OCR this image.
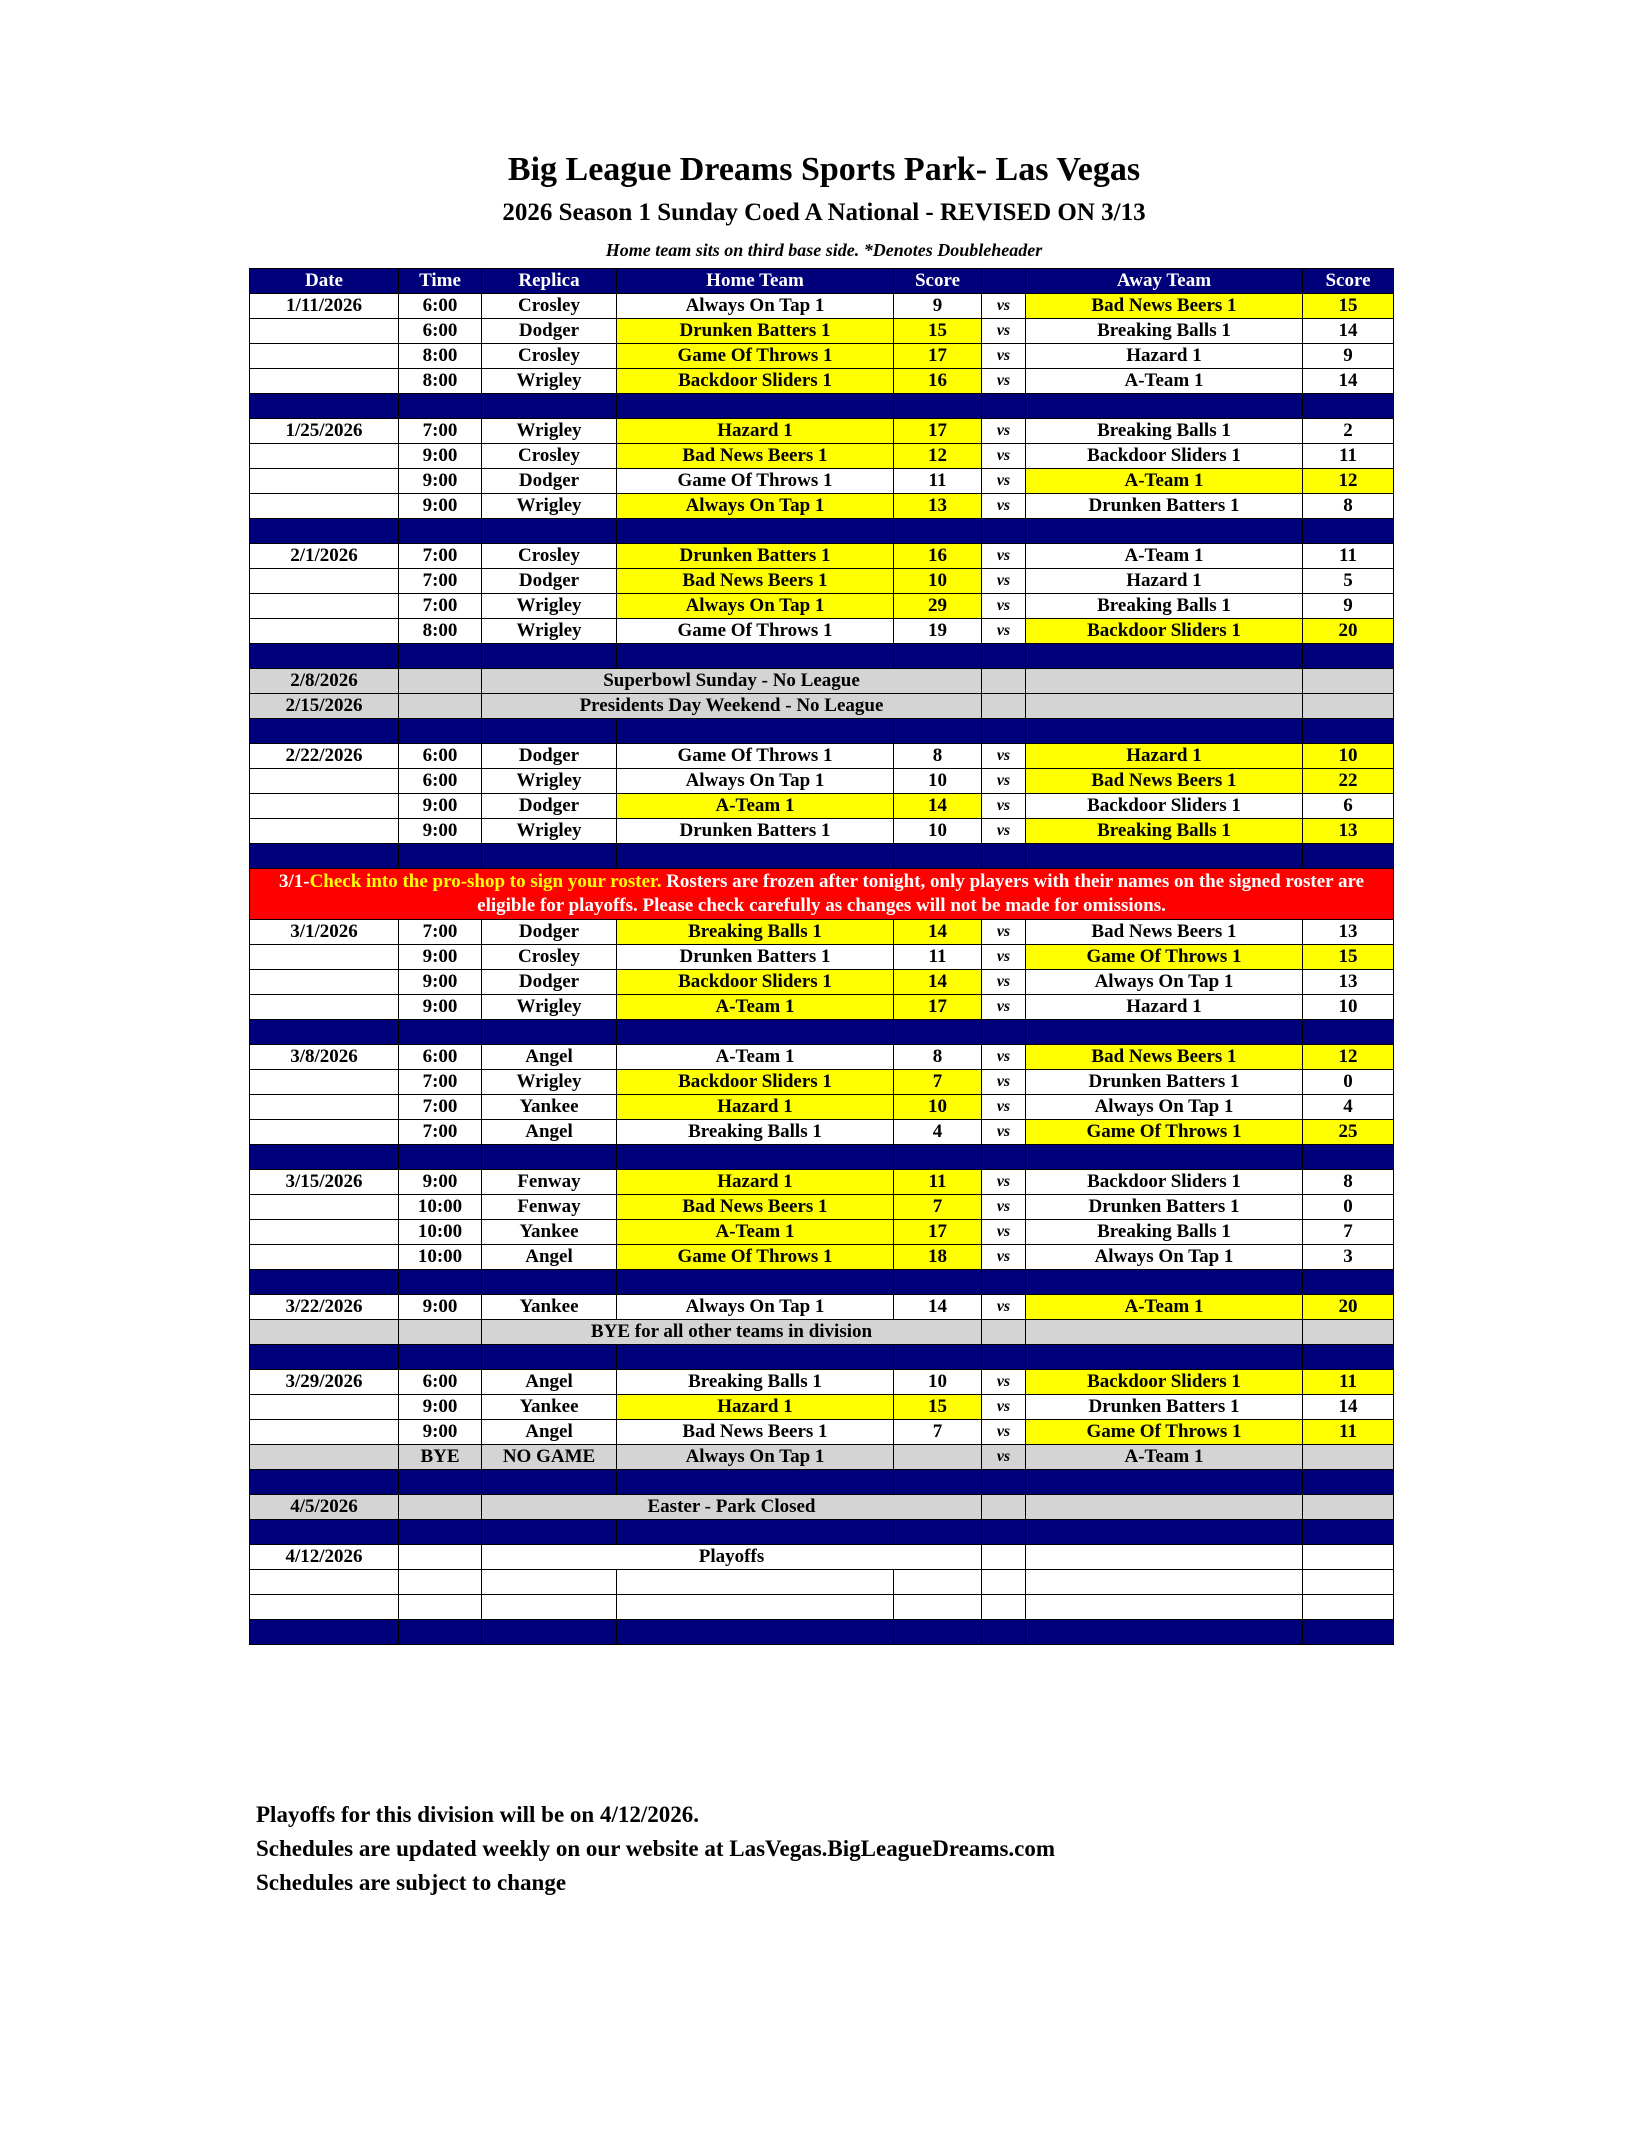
Big League Dreams Sports Park- Las Vegas
2026 Season 1 Sunday Coed A National - REVISED ON 3/13
Home team sits on third base side. *Denotes Doubleheader
Date	Time	Replica	Home Team	Score		Away Team	Score
1/11/2026	6:00	Crosley	Always On Tap 1	9	vs	Bad News Beers 1	15
	6:00	Dodger	Drunken Batters 1	15	vs	Breaking Balls 1	14
	8:00	Crosley	Game Of Throws 1	17	vs	Hazard 1	9
	8:00	Wrigley	Backdoor Sliders 1	16	vs	A-Team 1	14

1/25/2026	7:00	Wrigley	Hazard 1	17	vs	Breaking Balls 1	2
	9:00	Crosley	Bad News Beers 1	12	vs	Backdoor Sliders 1	11
	9:00	Dodger	Game Of Throws 1	11	vs	A-Team 1	12
	9:00	Wrigley	Always On Tap 1	13	vs	Drunken Batters 1	8

2/1/2026	7:00	Crosley	Drunken Batters 1	16	vs	A-Team 1	11
	7:00	Dodger	Bad News Beers 1	10	vs	Hazard 1	5
	7:00	Wrigley	Always On Tap 1	29	vs	Breaking Balls 1	9
	8:00	Wrigley	Game Of Throws 1	19	vs	Backdoor Sliders 1	20

2/8/2026		Superbowl Sunday - No League					
2/15/2026		Presidents Day Weekend - No League					

2/22/2026	6:00	Dodger	Game Of Throws 1	8	vs	Hazard 1	10
	6:00	Wrigley	Always On Tap 1	10	vs	Bad News Beers 1	22
	9:00	Dodger	A-Team 1	14	vs	Backdoor Sliders 1	6
	9:00	Wrigley	Drunken Batters 1	10	vs	Breaking Balls 1	13

3/1-Check into the pro-shop to sign your roster. Rosters are frozen after tonight, only players with their names on the signed roster are eligible for playoffs. Please check carefully as changes will not be made for omissions.							
3/1/2026	7:00	Dodger	Breaking Balls 1	14	vs	Bad News Beers 1	13
	9:00	Crosley	Drunken Batters 1	11	vs	Game Of Throws 1	15
	9:00	Dodger	Backdoor Sliders 1	14	vs	Always On Tap 1	13
	9:00	Wrigley	A-Team 1	17	vs	Hazard 1	10

3/8/2026	6:00	Angel	A-Team 1	8	vs	Bad News Beers 1	12
	7:00	Wrigley	Backdoor Sliders 1	7	vs	Drunken Batters 1	0
	7:00	Yankee	Hazard 1	10	vs	Always On Tap 1	4
	7:00	Angel	Breaking Balls 1	4	vs	Game Of Throws 1	25

3/15/2026	9:00	Fenway	Hazard 1	11	vs	Backdoor Sliders 1	8
	10:00	Fenway	Bad News Beers 1	7	vs	Drunken Batters 1	0
	10:00	Yankee	A-Team 1	17	vs	Breaking Balls 1	7
	10:00	Angel	Game Of Throws 1	18	vs	Always On Tap 1	3

3/22/2026	9:00	Yankee	Always On Tap 1	14	vs	A-Team 1	20
		BYE for all other teams in division					

3/29/2026	6:00	Angel	Breaking Balls 1	10	vs	Backdoor Sliders 1	11
	9:00	Yankee	Hazard 1	15	vs	Drunken Batters 1	14
	9:00	Angel	Bad News Beers 1	7	vs	Game Of Throws 1	11
	BYE	NO GAME	Always On Tap 1		vs	A-Team 1	

4/5/2026		Easter - Park Closed					

4/12/2026		Playoffs					

Playoffs for this division will be on 4/12/2026.
Schedules are updated weekly on our website at LasVegas.BigLeagueDreams.com
Schedules are subject to change
